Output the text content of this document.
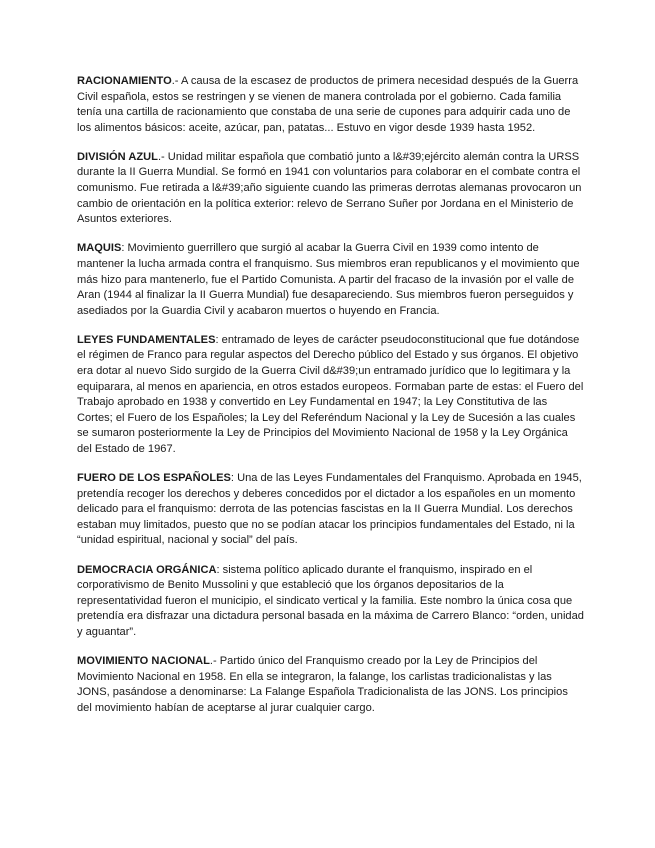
RACIONAMIENTO.- A causa de la escasez de productos de primera necesidad después de la Guerra Civil española, estos se restringen y se vienen de manera controlada por el gobierno. Cada familia tenía una cartilla de racionamiento que constaba de una serie de cupones para adquirir cada uno de los alimentos básicos: aceite, azúcar, pan, patatas... Estuvo en vigor desde 1939 hasta 1952.

DIVISIÓN AZUL.- Unidad militar española que combatió junto a l&#39;ejército alemán contra la URSS durante la II Guerra Mundial. Se formó en 1941 con voluntarios para colaborar en el combate contra el comunismo. Fue retirada a l&#39;año siguiente cuando las primeras derrotas alemanas provocaron un cambio de orientación en la política exterior: relevo de Serrano Suñer por Jordana en el Ministerio de Asuntos exteriores.

MAQUIS: Movimiento guerrillero que surgió al acabar la Guerra Civil en 1939 como intento de mantener la lucha armada contra el franquismo. Sus miembros eran republicanos y el movimiento que más hizo para mantenerlo, fue el Partido Comunista. A partir del fracaso de la invasión por el valle de Aran (1944 al finalizar la II Guerra Mundial) fue desapareciendo. Sus miembros fueron perseguidos y asediados por la Guardia Civil y acabaron muertos o huyendo en Francia.

LEYES FUNDAMENTALES: entramado de leyes de carácter pseudoconstitucional que fue dotándose el régimen de Franco para regular aspectos del Derecho público del Estado y sus órganos. El objetivo era dotar al nuevo Sido surgido de la Guerra Civil d&#39;un entramado jurídico que lo legitimara y la equiparara, al menos en apariencia, en otros estados europeos. Formaban parte de estas: el Fuero del Trabajo aprobado en 1938 y convertido en Ley Fundamental en 1947; la Ley Constitutiva de las Cortes; el Fuero de los Españoles; la Ley del Referéndum Nacional y la Ley de Sucesión a las cuales se sumaron posteriormente la Ley de Principios del Movimiento Nacional de 1958 y la Ley Orgánica del Estado de 1967.

FUERO DE LOS ESPAÑOLES: Una de las Leyes Fundamentales del Franquismo. Aprobada en 1945, pretendía recoger los derechos y deberes concedidos por el dictador a los españoles en un momento delicado para el franquismo: derrota de las potencias fascistas en la II Guerra Mundial. Los derechos estaban muy limitados, puesto que no se podían atacar los principios fundamentales del Estado, ni la “unidad espiritual, nacional y social” del país.

DEMOCRACIA ORGÁNICA: sistema político aplicado durante el franquismo, inspirado en el corporativismo de Benito Mussolini y que estableció que los órganos depositarios de la representatividad fueron el municipio, el sindicato vertical y la familia. Este nombro la única cosa que pretendía era disfrazar una dictadura personal basada en la máxima de Carrero Blanco: “orden, unidad y aguantar”.

MOVIMIENTO NACIONAL.- Partido único del Franquismo creado por la Ley de Principios del Movimiento Nacional en 1958. En ella se integraron, la falange, los carlistas tradicionalistas y las JONS, pasándose a denominarse: La Falange Española Tradicionalista de las JONS. Los principios del movimiento habían de aceptarse al jurar cualquier cargo.
